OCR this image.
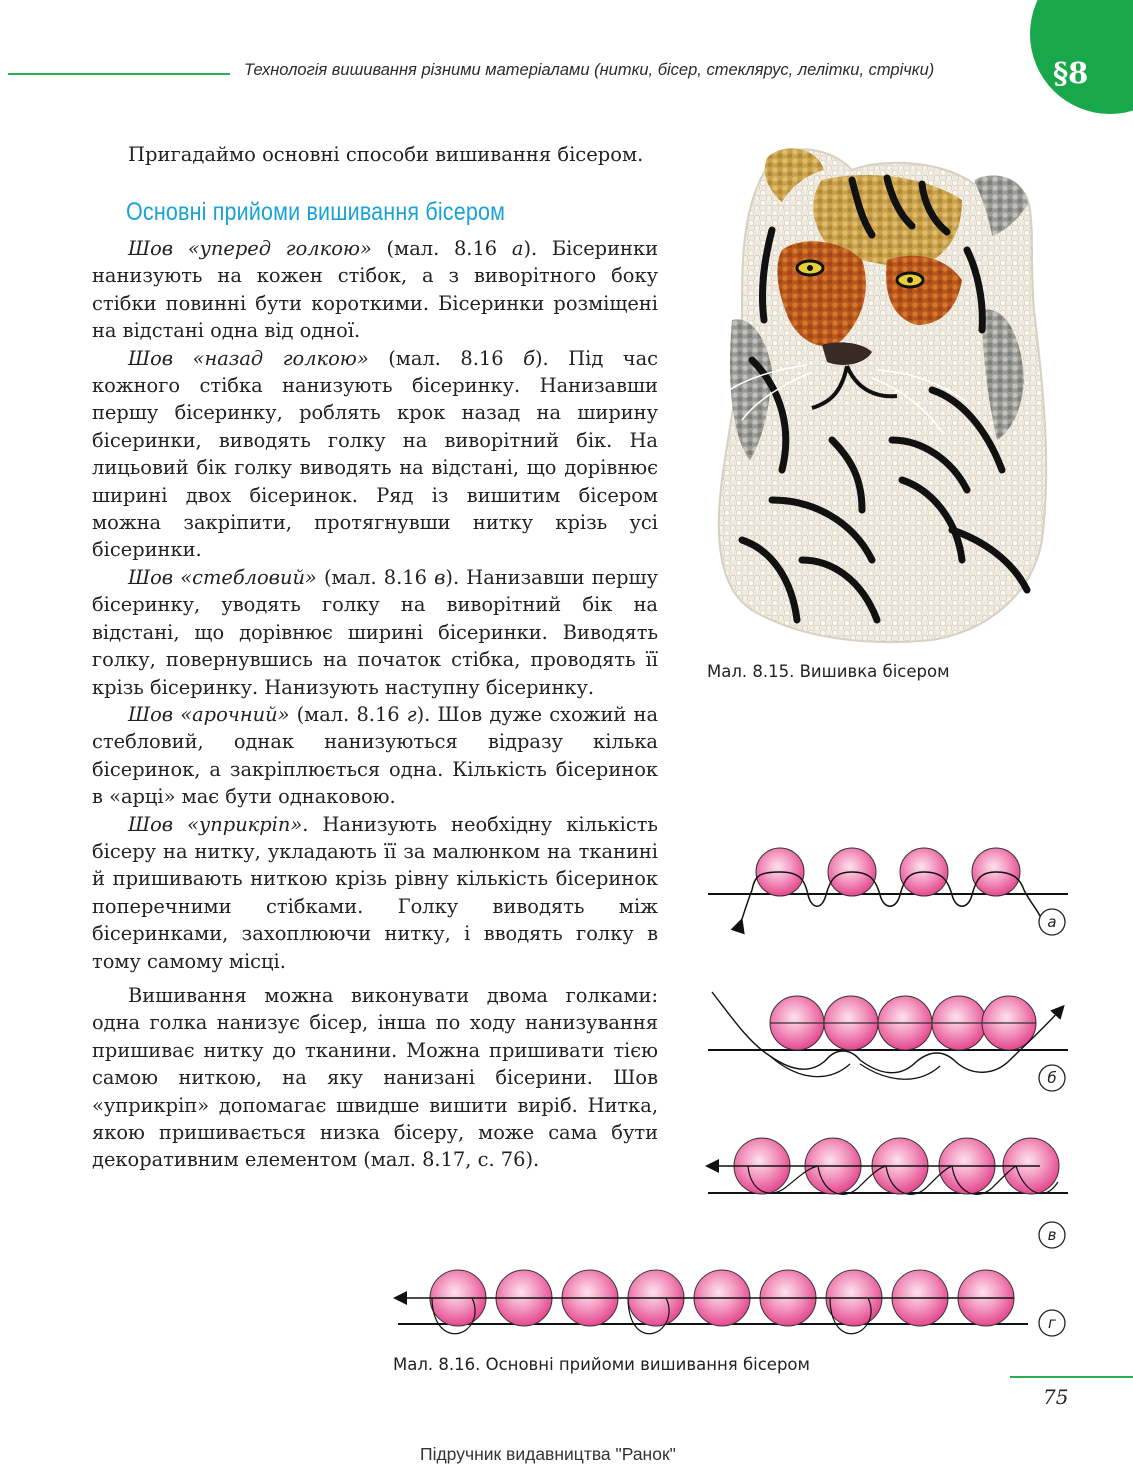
Технологія вишивання різними матеріалами (нитки, бісер, стеклярус, лелітки, стрічки)	§8
Пригадаймо основні способи вишивання бісером.
Основні прийоми вишивання бісером

Шов «уперед голкою» (мал. 8.16 а). Бісеринки нанизують на кожен стібок, а з виворітного боку стібки повинні бути короткими. Бісеринки розміщені на відстані одна від одної.

Шов «назад голкою» (мал. 8.16 б). Під час кожного стібка нанизують бісеринку. Нанизавши першу бісеринку, роблять крок назад на ширину бісеринки, виводять голку на виворітний бік. На лицьовий бік голку виводять на відстані, що дорівнює ширині двох бісеринок. Ряд із вишитим бісером можна закріпити, протягнувши нитку крізь усі бісеринки.

Шов «стебловий» (мал. 8.16 в). Нанизавши першу бісеринку, уводять голку на виворітний бік на відстані, що дорівнює ширині бісеринки. Виводять голку, повернувшись на початок стібка, проводять її крізь бісеринку. Нанизують наступну бісеринку.

Шов «арочний» (мал. 8.16 г). Шов дуже схожий на стебловий, однак нанизуються відразу кілька бісеринок, а закріплюється одна. Кількість бісеринок в «арці» має бути однаковою.

Шов «уприкріп». Нанизують необхідну кількість бісеру на нитку, укладають її за малюнком на тканині й пришивають ниткою крізь рівну кількість бісеринок поперечними стібками. Голку виводять між бісеринками, захоплюючи нитку, і вводять голку в тому самому місці.

Вишивання можна виконувати двома голками: одна голка нанизує бісер, інша по ходу нанизування пришиває нитку до тканини. Можна пришивати тією самою ниткою, на яку нанизані бісерини. Шов «уприкріп» допомагає швидше вишити виріб. Нитка, якою пришивається низка бісеру, може сама бути декоративним елементом (мал. 8.17, с. 76).

Мал. 8.15. Вишивка бісером
а
б
в
г
Мал. 8.16. Основні прийоми вишивання бісером
75
Підручник видавництва "Ранок"
